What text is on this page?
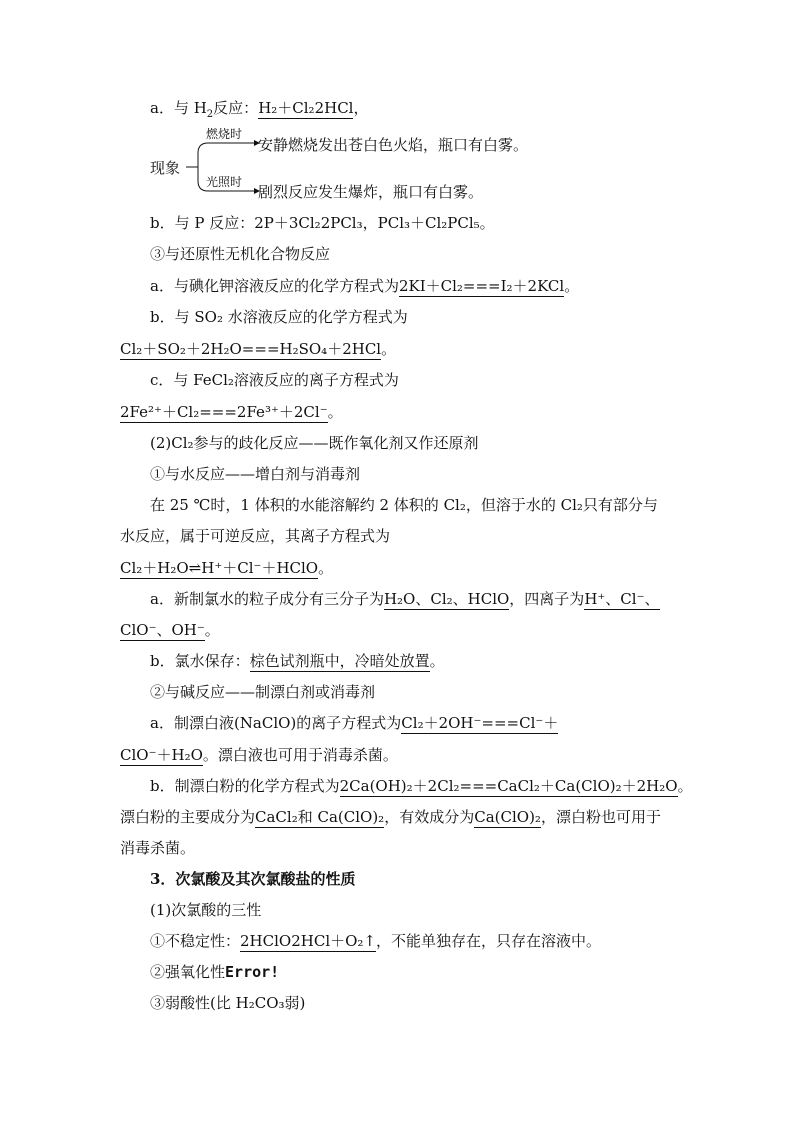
a．与 $H_2$反应：H₂＋Cl₂2HCl，
现象
燃烧时
安静燃烧发出苍白色火焰，瓶口有白雾。
光照时
剧烈反应发生爆炸，瓶口有白雾。
b．与 P 反应：2P＋3Cl₂2PCl₃，PCl₃＋Cl₂PCl₅。
③与还原性无机化合物反应
a．与碘化钾溶液反应的化学方程式为2KI＋Cl₂===I₂＋2KCl。
b．与 SO₂ 水溶液反应的化学方程式为
Cl₂＋SO₂＋2H₂O===H₂SO₄＋2HCl。
c．与 FeCl₂溶液反应的离子方程式为
2Fe²⁺＋Cl₂===2Fe³⁺＋2Cl⁻。
(2)Cl₂参与的歧化反应——既作氧化剂又作还原剂
①与水反应——增白剂与消毒剂
在 25 ℃时，1 体积的水能溶解约 2 体积的 Cl₂，但溶于水的 Cl₂只有部分与
水反应，属于可逆反应，其离子方程式为
Cl₂＋H₂O⇌H⁺＋Cl⁻＋HClO。
a．新制氯水的粒子成分有三分子为H₂O、Cl₂、HClO，四离子为H⁺、Cl⁻、
ClO⁻、OH⁻。
b．氯水保存：棕色试剂瓶中，冷暗处放置。
②与碱反应——制漂白剂或消毒剂
a．制漂白液(NaClO)的离子方程式为Cl₂＋2OH⁻===Cl⁻＋
ClO⁻＋H₂O。漂白液也可用于消毒杀菌。
b．制漂白粉的化学方程式为2Ca(OH)₂＋2Cl₂===CaCl₂＋Ca(ClO)₂＋2H₂O。
漂白粉的主要成分为CaCl₂和 Ca(ClO)₂，有效成分为Ca(ClO)₂，漂白粉也可用于
消毒杀菌。
3．次氯酸及其次氯酸盐的性质
(1)次氯酸的三性
①不稳定性：2HClO2HCl＋O₂↑，不能单独存在，只存在溶液中。
②强氧化性Error!
③弱酸性(比 H₂CO₃弱)
